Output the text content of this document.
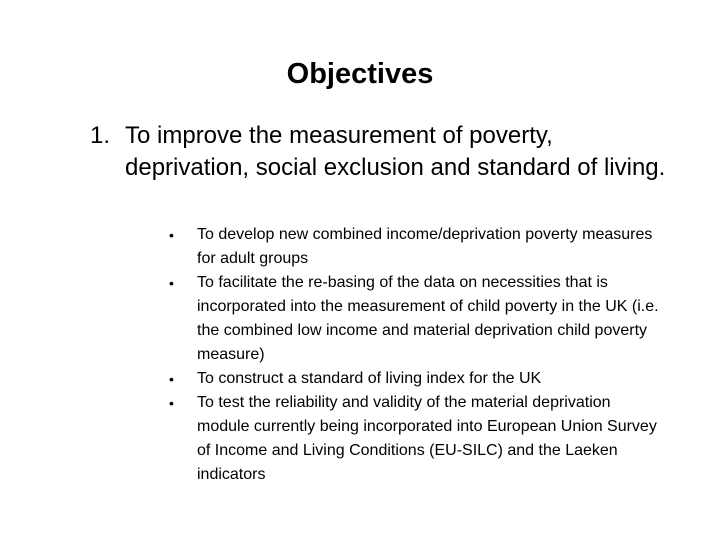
Objectives
1. To improve the measurement of poverty, deprivation, social exclusion and standard of living.
• To develop new combined income/deprivation poverty measures for adult groups
• To facilitate the re-basing of the data on necessities that is incorporated into the measurement of child poverty in the UK (i.e. the combined low income and material deprivation child poverty measure)
• To construct a standard of living index for the UK
• To test the reliability and validity of the material deprivation module currently being incorporated into European Union Survey of Income and Living Conditions (EU-SILC) and the Laeken indicators
